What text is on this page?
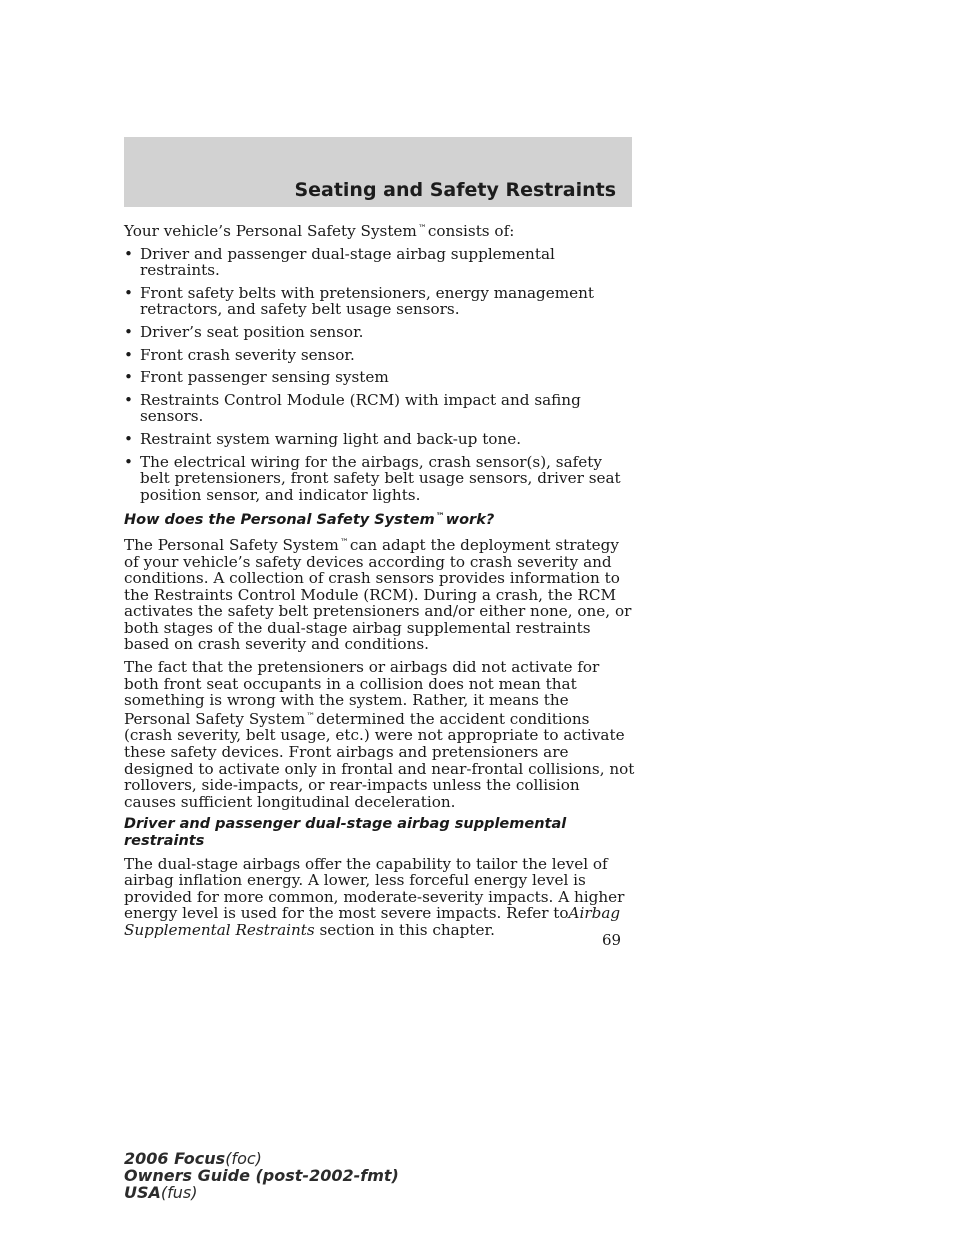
Seating and Safety Restraints

Your vehicle’s Personal Safety System™consists of:

• Driver and passenger dual-stage airbag supplemental restraints.
• Front safety belts with pretensioners, energy management retractors, and safety belt usage sensors.
• Driver’s seat position sensor.
• Front crash severity sensor.
• Front passenger sensing system
• Restraints Control Module (RCM) with impact and safing sensors.
• Restraint system warning light and back-up tone.
• The electrical wiring for the airbags, crash sensor(s), safety belt pretensioners, front safety belt usage sensors, driver seat position sensor, and indicator lights.
How does the Personal Safety System™work?

The Personal Safety System™can adapt the deployment strategy of your vehicle’s safety devices according to crash severity and conditions. A collection of crash sensors provides information to the Restraints Control Module (RCM). During a crash, the RCM activates the safety belt pretensioners and/or either none, one, or both stages of the dual-stage airbag supplemental restraints based on crash severity and conditions.

The fact that the pretensioners or airbags did not activate for both front seat occupants in a collision does not mean that something is wrong with the system. Rather, it means the Personal Safety System™determined the accident conditions (crash severity, belt usage, etc.) were not appropriate to activate these safety devices. Front airbags and pretensioners are designed to activate only in frontal and near-frontal collisions, not rollovers, side-impacts, or rear-impacts unless the collision causes sufficient longitudinal deceleration.

Driver and passenger dual-stage airbag supplemental restraints

The dual-stage airbags offer the capability to tailor the level of airbag inflation energy. A lower, less forceful energy level is provided for more common, moderate-severity impacts. A higher energy level is used for the most severe impacts. Refer toAirbag Supplemental Restraints section in this chapter.

69
2006 Focus(foc)
Owners Guide (post-2002-fmt)
USA(fus)
